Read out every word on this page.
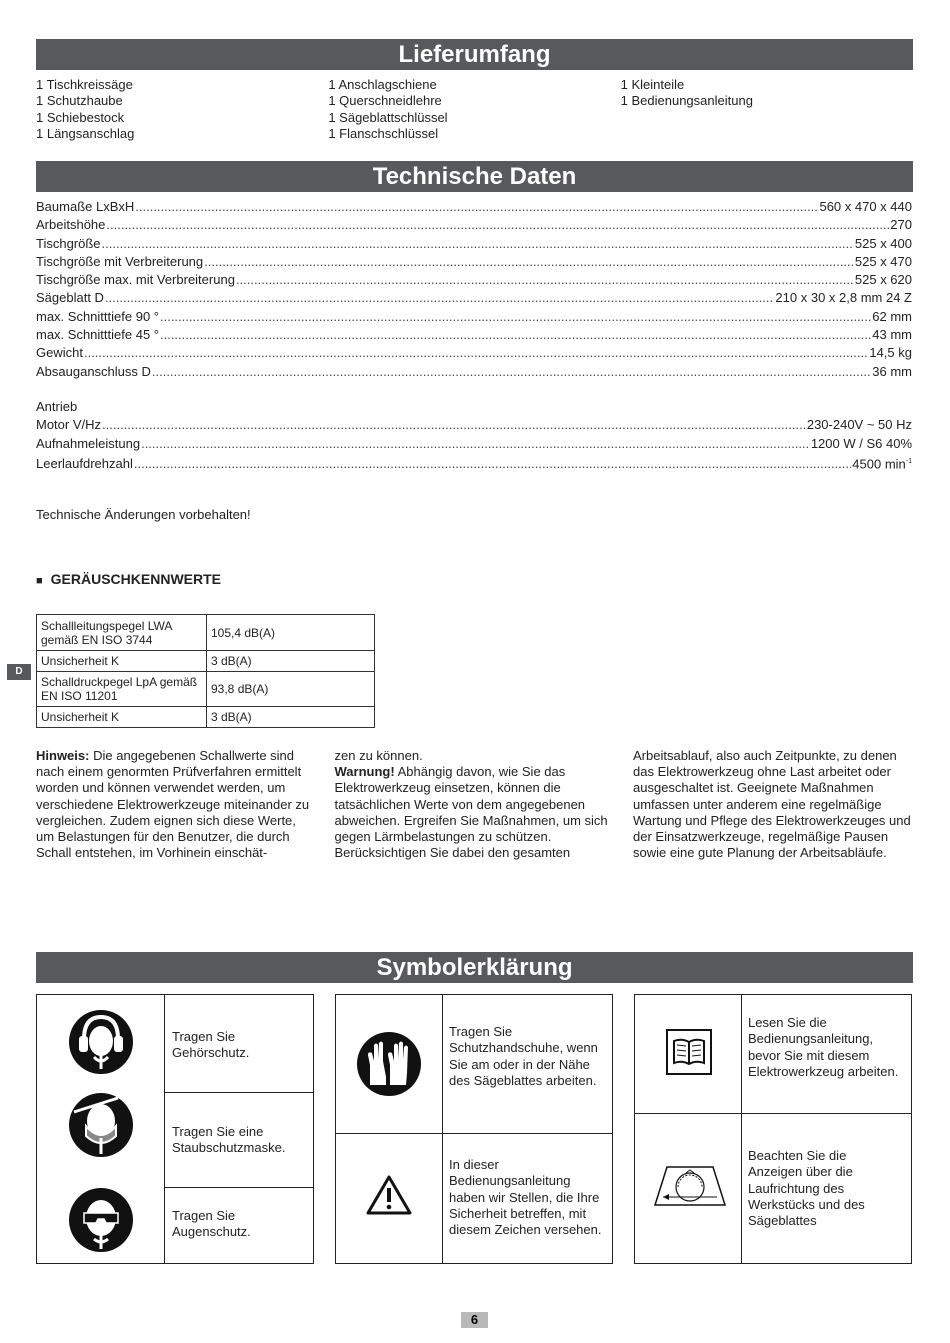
Lieferumfang
1 Tischkreissäge
1 Schutzhaube
1 Schiebestock
1 Längsanschlag
1 Anschlagschiene
1 Querschneidlehre
1 Sägeblattschlüssel
1 Flanschschlüssel
1 Kleinteile
1 Bedienungsanleitung
Technische Daten
Baumaße LxBxH .....	560 x 470 x 440
Arbeitshöhe .....	270
Tischgröße .....	525 x 400
Tischgröße mit Verbreiterung .....	525 x 470
Tischgröße max. mit Verbreiterung .....	525 x 620
Sägeblatt D .....	210 x 30 x 2,8 mm 24 Z
max. Schnitttiefe 90 ° .....	62 mm
max. Schnitttiefe 45 ° .....	43 mm
Gewicht .....	14,5 kg
Absauganschluss D .....	36 mm
Antrieb
Motor V/Hz .....	230-240V ~ 50 Hz
Aufnahmeleistung .....	1200 W / S6 40%
Leerlaufdrehzahl .....	4500 $\min^{-1}$
Technische Änderungen vorbehalten!
■ GERÄUSCHKENNWERTE
Schallleitungspegel LWA gemäß EN ISO 3744	105,4 dB(A)
Unsicherheit K	3 dB(A)
Schalldruckpegel LpA gemäß EN ISO 11201	93,8 dB(A)
Unsicherheit K	3 dB(A)
D
Hinweis: Die angegebenen Schallwerte sind nach einem genormten Prüfverfahren ermittelt worden und können verwendet werden, um verschiedene Elektrowerkzeuge miteinander zu vergleichen. Zudem eignen sich diese Werte, um Belastungen für den Benutzer, die durch Schall entstehen, im Vorhinein einschät-
zen zu können.
Warnung! Abhängig davon, wie Sie das Elektrowerkzeug einsetzen, können die tatsächlichen Werte von dem angegebenen abweichen. Ergreifen Sie Maßnahmen, um sich gegen Lärmbelastungen zu schützen. Berücksichtigen Sie dabei den gesamten
Arbeitsablauf, also auch Zeitpunkte, zu denen das Elektrowerkzeug ohne Last arbeitet oder ausgeschaltet ist. Geeignete Maßnahmen umfassen unter anderem eine regelmäßige Wartung und Pflege des Elektrowerkzeuges und der Einsatzwerkzeuge, regelmäßige Pausen sowie eine gute Planung der Arbeitsabläufe.
Symbolerklärung
Tragen Sie Gehörschutz.
Tragen Sie eine Staubschutzmaske.
Tragen Sie Augenschutz.
Tragen Sie Schutzhandschuhe, wenn Sie am oder in der Nähe des Sägeblattes arbeiten.
In dieser Bedienungsanleitung haben wir Stellen, die Ihre Sicherheit betreffen, mit diesem Zeichen versehen.
Lesen Sie die Bedienungsanleitung, bevor Sie mit diesem Elektrowerkzeug arbeiten.
Beachten Sie die Anzeigen über die Laufrichtung des Werkstücks und des Sägeblattes
6
